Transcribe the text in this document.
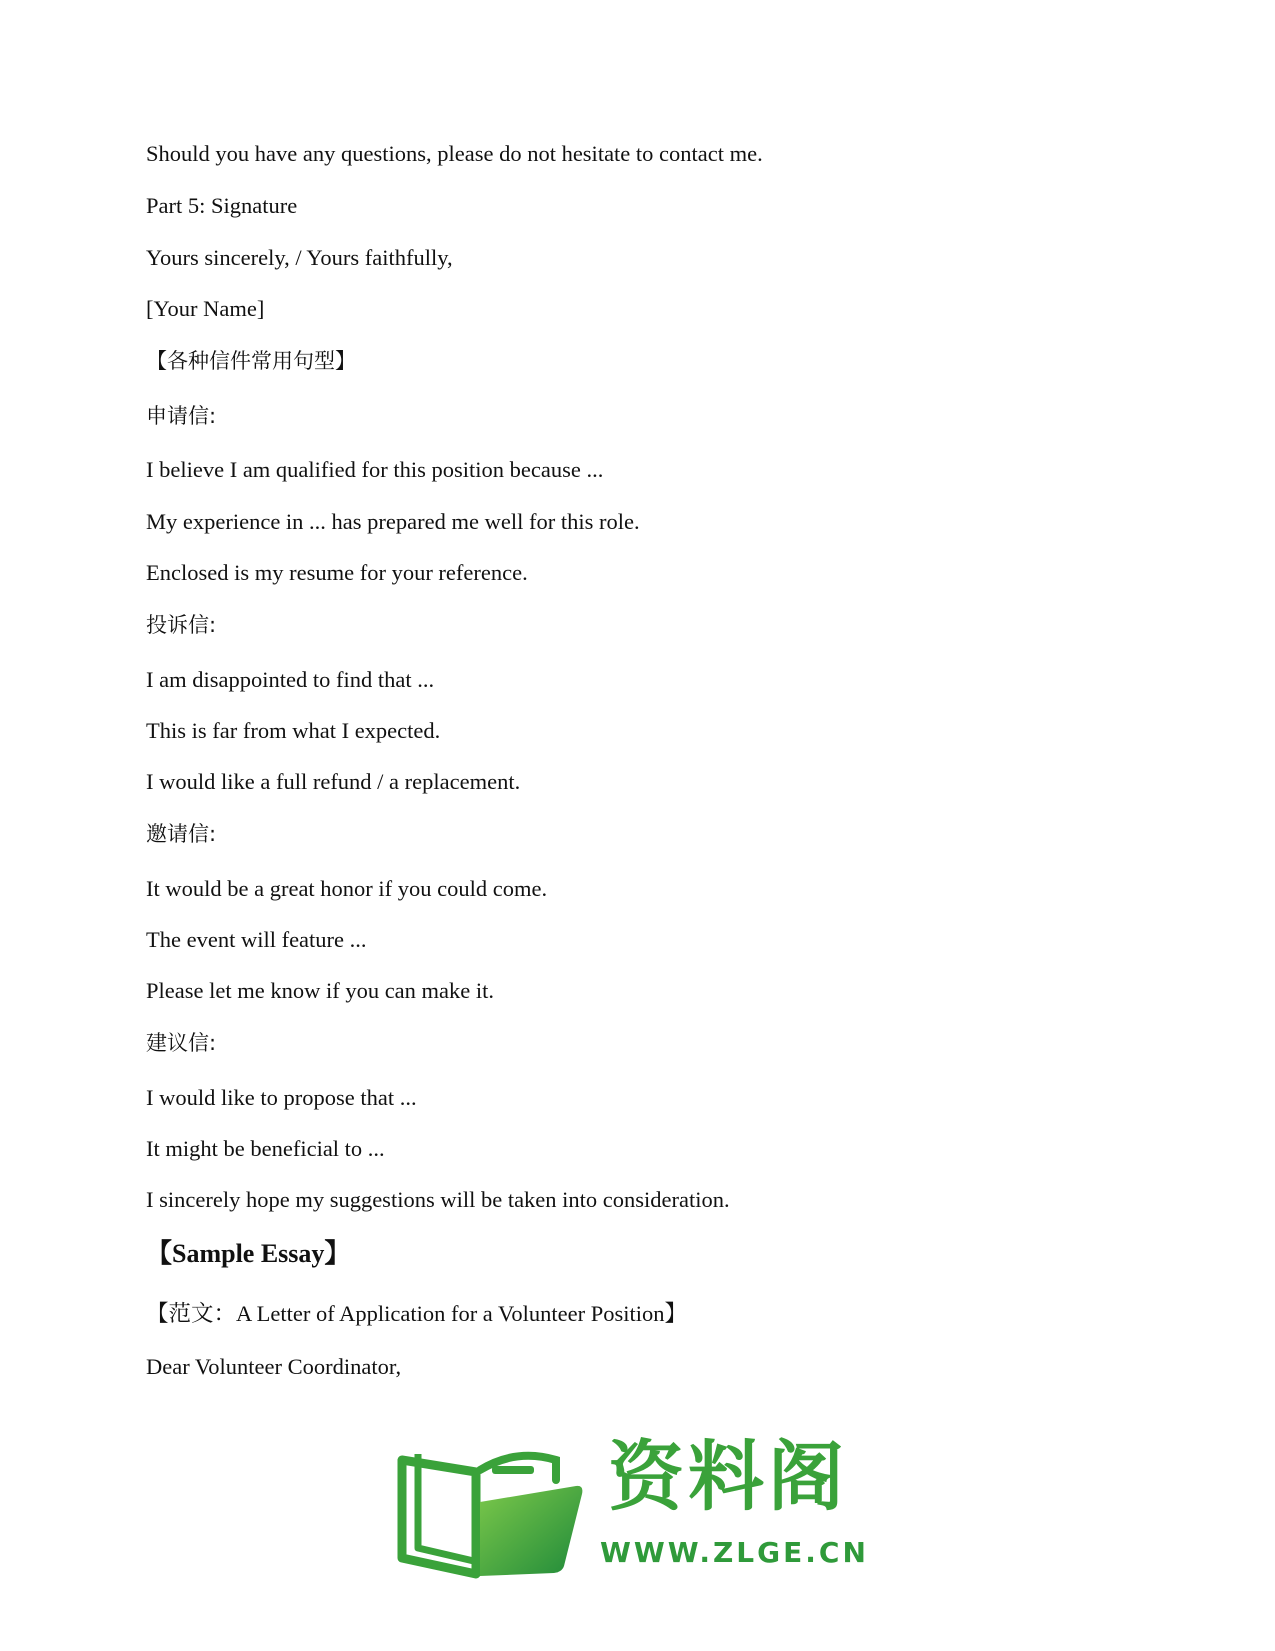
Should you have any questions, please do not hesitate to contact me.
Part 5: Signature
Yours sincerely, / Yours faithfully,
[Your Name]
【各种信件常用句型】
申请信:
I believe I am qualified for this position because ...
My experience in ... has prepared me well for this role.
Enclosed is my resume for your reference.
投诉信:
I am disappointed to find that ...
This is far from what I expected.
I would like a full refund / a replacement.
邀请信:
It would be a great honor if you could come.
The event will feature ...
Please let me know if you can make it.
建议信:
I would like to propose that ...
It might be beneficial to ...
I sincerely hope my suggestions will be taken into consideration.
【Sample Essay】
【范文：A Letter of Application for a Volunteer Position】
Dear Volunteer Coordinator,
资料阁
WWW.ZLGE.CN
